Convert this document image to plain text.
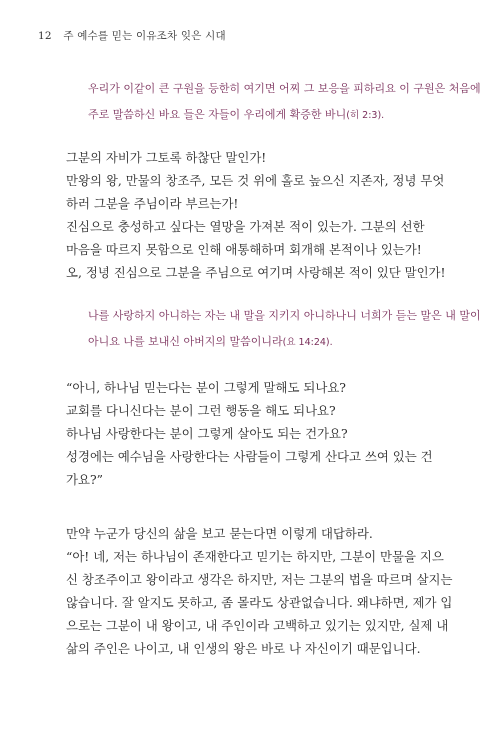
12 주 예수를 믿는 이유조차 잊은 시대
우리가 이같이 큰 구원을 등한히 여기면 어찌 그 보응을 피하리요 이 구원은 처음에
주로 말씀하신 바요 들은 자들이 우리에게 확증한 바니(히 2:3).
그분의 자비가 그토록 하찮단 말인가!
만왕의 왕, 만물의 창조주, 모든 것 위에 홀로 높으신 지존자, 정녕 무엇
하러 그분을 주님이라 부르는가!
진심으로 충성하고 싶다는 열망을 가져본 적이 있는가. 그분의 선한
마음을 따르지 못함으로 인해 애통해하며 회개해 본적이나 있는가!
오, 정녕 진심으로 그분을 주님으로 여기며 사랑해본 적이 있단 말인가!
나를 사랑하지 아니하는 자는 내 말을 지키지 아니하나니 너희가 듣는 말은 내 말이
아니요 나를 보내신 아버지의 말씀이니라(요 14:24).
“아니, 하나님 믿는다는 분이 그렇게 말해도 되나요?
교회를 다니신다는 분이 그런 행동을 해도 되나요?
하나님 사랑한다는 분이 그렇게 살아도 되는 건가요?
성경에는 예수님을 사랑한다는 사람들이 그렇게 산다고 쓰여 있는 건
가요?”
만약 누군가 당신의 삶을 보고 묻는다면 이렇게 대답하라.
“아! 네, 저는 하나님이 존재한다고 믿기는 하지만, 그분이 만물을 지으
신 창조주이고 왕이라고 생각은 하지만, 저는 그분의 법을 따르며 살지는
않습니다. 잘 알지도 못하고, 좀 몰라도 상관없습니다. 왜냐하면, 제가 입
으로는 그분이 내 왕이고, 내 주인이라 고백하고 있기는 있지만, 실제 내
삶의 주인은 나이고, 내 인생의 왕은 바로 나 자신이기 때문입니다.
